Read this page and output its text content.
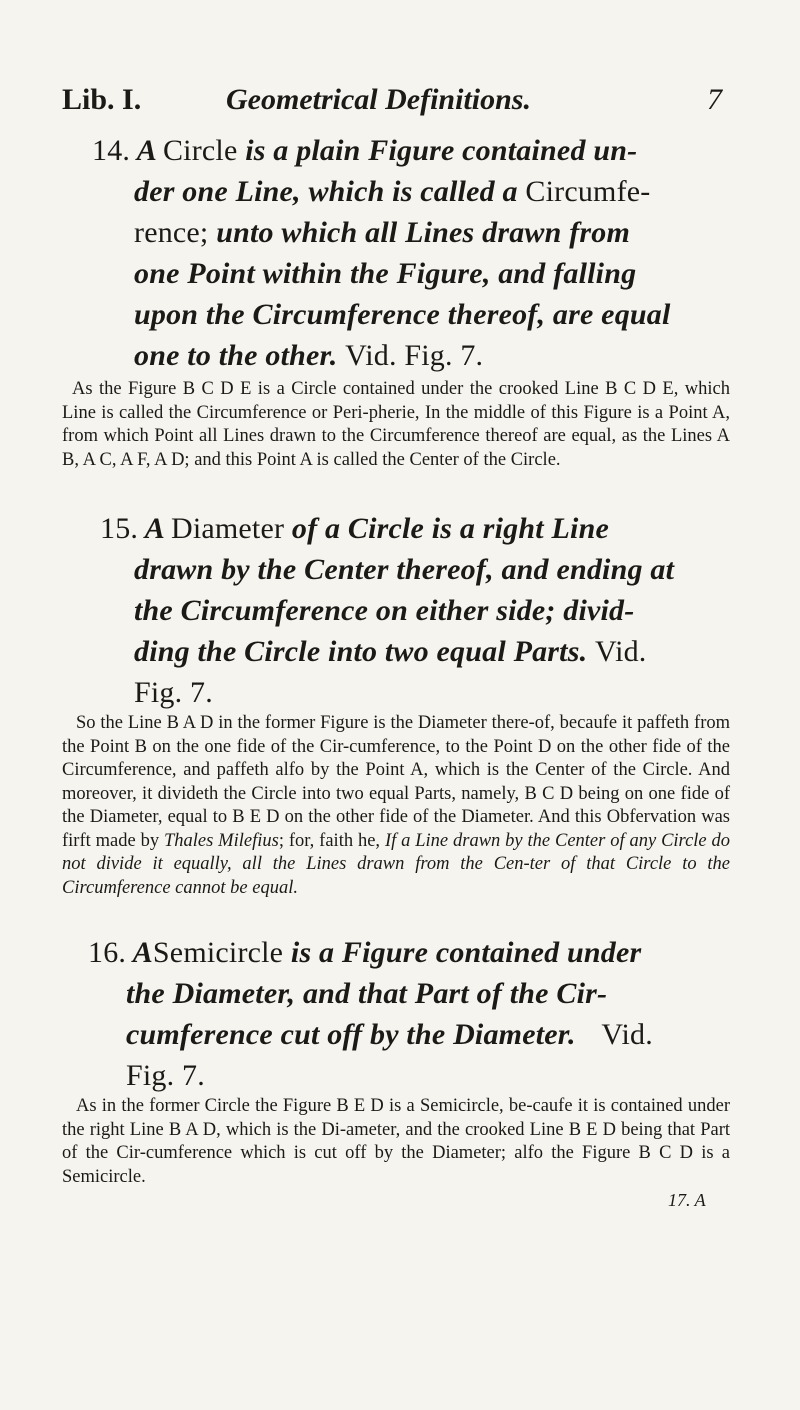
Lib. I.	Geometrical Definitions.	7
14. A Circle is a plain Figure contained un-
der one Line, which is called a Circumfe-
rence; unto which all Lines drawn from
one Point within the Figure, and falling
upon the Circumference thereof, are equal
one to the other. Vid. Fig. 7.

As the Figure B C D E is a Circle contained under the crooked Line B C D E, which Line is called the Circumference or Peri-pherie, In the middle of this Figure is a Point A, from which Point all Lines drawn to the Circumference thereof are equal, as the Lines A B, A C, A F, A D; and this Point A is called the Center of the Circle.

15. A Diameter of a Circle is a right Line
drawn by the Center thereof, and ending at
the Circumference on either side; divid-
ding the Circle into two equal Parts. Vid.
Fig. 7.

So the Line B A D in the former Figure is the Diameter there-of, becaufe it paffeth from the Point B on the one fide of the Cir-cumference, to the Point D on the other fide of the Circumference, and paffeth alfo by the Point A, which is the Center of the Circle. And moreover, it divideth the Circle into two equal Parts, namely, B C D being on one fide of the Diameter, equal to B E D on the other fide of the Diameter. And this Obfervation was firft made by Thales Milefius; for, faith he, If a Line drawn by the Center of any Circle do not divide it equally, all the Lines drawn from the Cen-ter of that Circle to the Circumference cannot be equal.

16. ASemicircle is a Figure contained under
the Diameter, and that Part of the Cir-
cumference cut off by the Diameter. Vid.
Fig. 7.

As in the former Circle the Figure B E D is a Semicircle, be-caufe it is contained under the right Line B A D, which is the Di-ameter, and the crooked Line B E D being that Part of the Cir-cumference which is cut off by the Diameter; alfo the Figure B C D is a Semicircle.

17. A
